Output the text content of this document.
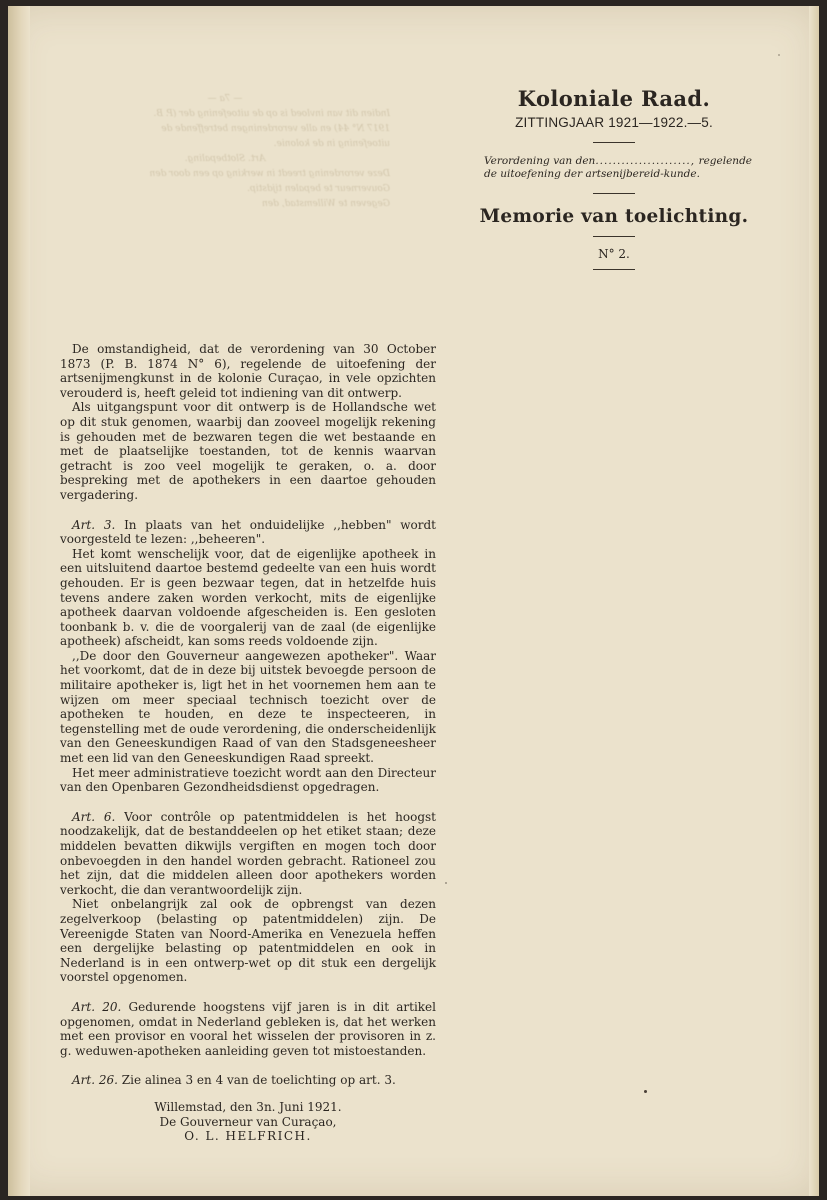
— 7a —
Indien dit van invloed is op de uitoefening der (P. B.
1917 N° 44) en alle verordeningen betreffende de
uitoefening in de kolonie.
Art. Slotbepaling.
Deze verordening treedt in werking op een door den
Gouverneur te bepalen tijdstip.
Gegeven te Willemstad, den
Koloniale Raad.
ZITTINGJAAR 1921—1922.—5.
Verordening van den......................, regelende de uitoefening der artsenijbereid-kunde.
Memorie van toelichting.
N° 2.

De omstandigheid, dat de verordening van 30 October 1873 (P. B. 1874 N° 6), regelende de uitoefening der artsenijmengkunst in de kolonie Curaçao, in vele opzichten verouderd is, heeft geleid tot indiening van dit ontwerp.

Als uitgangspunt voor dit ontwerp is de Hollandsche wet op dit stuk genomen, waarbij dan zooveel mogelijk rekening is gehouden met de bezwaren tegen die wet bestaande en met de plaatselijke toestanden, tot de kennis waarvan getracht is zoo veel mogelijk te geraken, o. a. door bespreking met de apothekers in een daartoe gehouden vergadering.

Art. 3. In plaats van het onduidelijke ,,hebben" wordt voorgesteld te lezen: ,,beheeren".

Het komt wenschelijk voor, dat de eigenlijke apotheek in een uitsluitend daartoe bestemd gedeelte van een huis wordt gehouden. Er is geen bezwaar tegen, dat in hetzelfde huis tevens andere zaken worden verkocht, mits de eigenlijke apotheek daarvan voldoende afgescheiden is. Een gesloten toonbank b. v. die de voorgalerij van de zaal (de eigenlijke apotheek) afscheidt, kan soms reeds voldoende zijn.

,,De door den Gouverneur aangewezen apotheker". Waar het voorkomt, dat de in deze bij uitstek bevoegde persoon de militaire apotheker is, ligt het in het voornemen hem aan te wijzen om meer speciaal technisch toezicht over de apotheken te houden, en deze te inspecteeren, in tegenstelling met de oude verordening, die onderscheidenlijk van den Geneeskundigen Raad of van den Stadsgeneesheer met een lid van den Geneeskundigen Raad spreekt.

Het meer administratieve toezicht wordt aan den Directeur van den Openbaren Gezondheidsdienst opgedragen.

Art. 6. Voor contrôle op patentmiddelen is het hoogst noodzakelijk, dat de bestanddeelen op het etiket staan; deze middelen bevatten dikwijls vergiften en mogen toch door onbevoegden in den handel worden gebracht. Rationeel zou het zijn, dat die middelen alleen door apothekers worden verkocht, die dan verantwoordelijk zijn.

Niet onbelangrijk zal ook de opbrengst van dezen zegelverkoop (belasting op patentmiddelen) zijn. De Vereenigde Staten van Noord-Amerika en Venezuela heffen een dergelijke belasting op patentmiddelen en ook in Nederland is in een ontwerp-wet op dit stuk een dergelijk voorstel opgenomen.

Art. 20. Gedurende hoogstens vijf jaren is in dit artikel opgenomen, omdat in Nederland gebleken is, dat het werken met een provisor en vooral het wisselen der provisoren in z. g. weduwen-apotheken aanleiding geven tot mistoestanden.

Art. 26. Zie alinea 3 en 4 van de toelichting op art. 3.

Willemstad, den 3n. Juni 1921.

De Gouverneur van Curaçao,

O. L. HELFRICH.
